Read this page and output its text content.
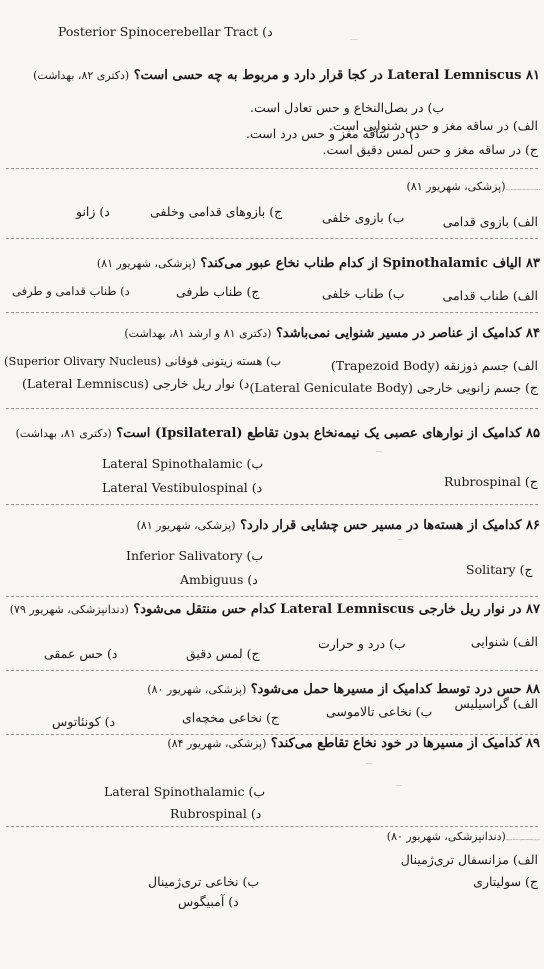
Posterior Spinocerebellar Tract (د
۸۱ Lateral Lemniscus در کجا قرار دارد و مربوط به چه حسی است؟ (دکتری ۸۲، بهداشت)
ب) در بصل‌النخاع و حس تعادل است.
الف) در ساقه مغز و حس شنوایی است.
د) در ساقه مغز و حس درد است.
ج) در ساقه مغز و حس لمس دقیق است.
۸۲ رشته‌های Cortico Nuclear عمدتاً در کدام قسمت کپسول داخلی قرار دارد؟ (پزشکی، شهریور ۸۱)
الف) بازوی قدامی
ب) بازوی خلفی
ج) بازوهای قدامی وخلفی
د) زانو
۸۳ الیاف Spinothalamic از کدام طناب نخاع عبور می‌کند؟ (پزشکی، شهریور ۸۱)
الف) طناب قدامی
ب) طناب خلفی
ج) طناب طرفی
د) طناب قدامی و طرفی
۸۴ کدامیک از عناصر در مسیر شنوایی نمی‌باشد؟ (دکتری ۸۱ و ارشد ۸۱، بهداشت)
الف) جسم ذوزنقه (Trapezoid Body)
ب) هسته زیتونی فوقانی (Superior Olivary Nucleus)
ج) جسم زانویی خارجی (Lateral Geniculate Body)
د) نوار ریل خارجی (Lateral Lemniscus)
۸۵ کدامیک از نوارهای عصبی یک نیمه‌نخاع بدون تقاطع (Ipsilateral) است؟ (دکتری ۸۱، بهداشت)
Lateral Spinothalamic (ب
Rubrospinal (ج
Lateral Vestibulospinal (د
۸۶ کدامیک از هسته‌ها در مسیر حس چشایی قرار دارد؟ (پزشکی، شهریور ۸۱)
Inferior Salivatory (ب
Solitary (ج
Ambiguus (د
۸۷ در نوار ریل خارجی Lateral Lemniscus کدام حس منتقل می‌شود؟ (دندانپزشکی، شهریور ۷۹)
الف) شنوایی
ب) درد و حرارت
ج) لمس دقیق
د) حس عمقی
۸۸ حس درد توسط کدامیک از مسیرها حمل می‌شود؟ (پزشکی، شهریور ۸۰)
الف) گراسیلیس
ب) نخاعی تالاموسی
ج) نخاعی مخچه‌ای
د) کونئاتوس
۸۹ کدامیک از مسیرها در خود نخاع تقاطع می‌کند؟ (پزشکی، شهریور ۸۴)
Lateral Spinothalamic (ب
Rubrospinal (د
۹۰ حس عمقی (Proprioceptive) عضلات‌جونده به کدام هسته منتقل می‌شود؟ (دندانپزشکی، شهریور ۸۰)
الف) مزانسفال تری‌ژمینال
ب) نخاعی تری‌ژمینال	ج) سولیتاری
د) آمبیگوس
